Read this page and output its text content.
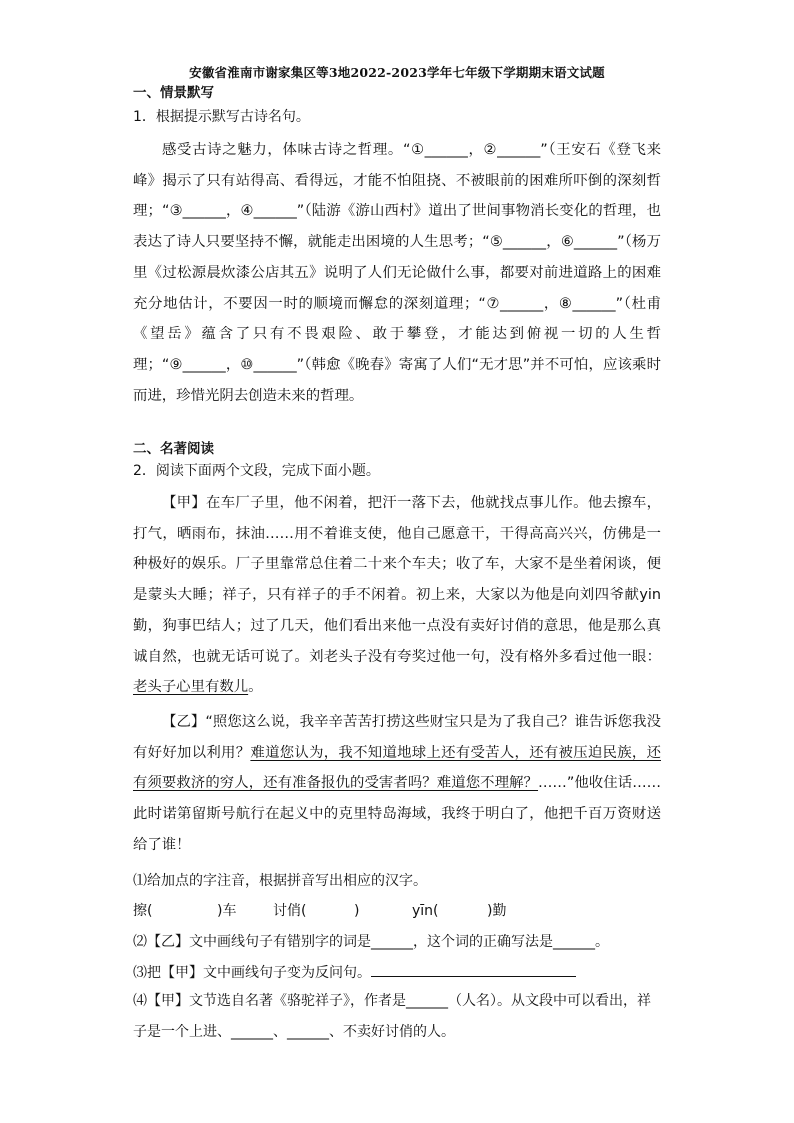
安徽省淮南市谢家集区等3地2022-2023学年七年级下学期期末语文试题
一、情景默写
1．根据提示默写古诗名句。

感受古诗之魅力，体味古诗之哲理。“①______，②______”（王安石《登飞来峰》揭示了只有站得高、看得远，才能不怕阻挠、不被眼前的困难所吓倒的深刻哲理；“③______，④______”（陆游《游山西村》道出了世间事物消长变化的哲理，也表达了诗人只要坚持不懈，就能走出困境的人生思考；“⑤______，⑥______”（杨万里《过松源晨炊漆公店其五》说明了人们无论做什么事，都要对前进道路上的困难充分地估计，不要因一时的顺境而懈怠的深刻道理；“⑦______，⑧______”（杜甫《望岳》蕴含了只有不畏艰险、敢于攀登，才能达到俯视一切的人生哲理；“⑨______，⑩______”（韩愈《晚春》寄寓了人们“无才思”并不可怕，应该乘时而进，珍惜光阴去创造未来的哲理。

二、名著阅读
2．阅读下面两个文段，完成下面小题。

【甲】在车厂子里，他不闲着，把汗一落下去，他就找点事儿作。他去擦车，打气，晒雨布，抹油……用不着谁支使，他自己愿意干，干得高高兴兴，仿佛是一种极好的娱乐。厂子里靠常总住着二十来个车夫；收了车，大家不是坐着闲谈，便是蒙头大睡；祥子，只有祥子的手不闲着。初上来，大家以为他是向刘四爷献yin勤，狗事巴结人；过了几天，他们看出来他一点没有卖好讨俏的意思，他是那么真诚自然，也就无话可说了。刘老头子没有夸奖过他一句，没有格外多看过他一眼：老头子心里有数儿。

【乙】“照您这么说，我辛辛苦苦打捞这些财宝只是为了我自己？谁告诉您我没有好好加以利用？难道您认为，我不知道地球上还有受苦人，还有被压迫民族，还有须要救济的穷人，还有准备报仇的受害者吗？难道您不理解？……”他收住话……此时诺第留斯号航行在起义中的克里特岛海域，我终于明白了，他把千百万资财送给了谁！

⑴给加点的字注音，根据拼音写出相应的汉字。
擦(	)车	讨俏(	)	yīn(	)勤
⑵【乙】文中画线句子有错别字的词是______，这个词的正确写法是______。
⑶把【甲】文中画线句子变为反问句。

⑷【甲】文节选自名著《骆驼祥子》，作者是______（人名）。从文段中可以看出，祥子是一个上进、______、______、不卖好讨俏的人。
